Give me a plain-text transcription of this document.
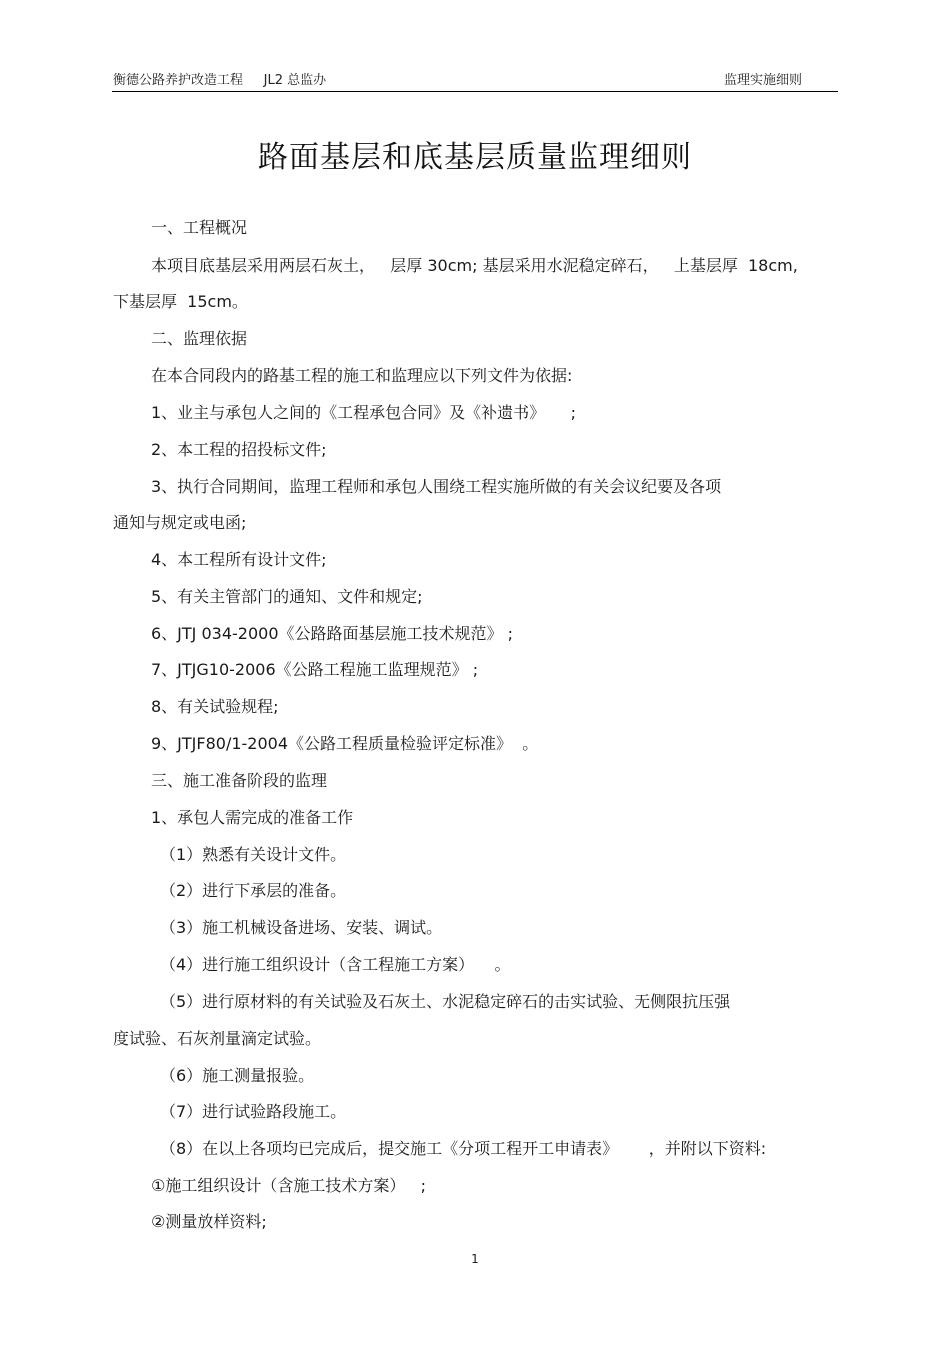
衡德公路养护改造工程     JL2 总监办	监理实施细则
路面基层和底基层质量监理细则
一、工程概况
本项目底基层采用两层石灰土，   层厚 30cm; 基层采用水泥稳定碎石，   上基层厚  18cm,
下基层厚  15cm。
二、监理依据
在本合同段内的路基工程的施工和监理应以下列文件为依据:
1、业主与承包人之间的《工程承包合同》及《补遗书》     ;
2、本工程的招投标文件;
3、执行合同期间，监理工程师和承包人围绕工程实施所做的有关会议纪要及各项
通知与规定或电函;
4、本工程所有设计文件;
5、有关主管部门的通知、文件和规定;
6、JTJ 034-2000《公路路面基层施工技术规范》 ;
7、JTJG10-2006《公路工程施工监理规范》 ;
8、有关试验规程;
9、JTJF80/1-2004《公路工程质量检验评定标准》  。
三、施工准备阶段的监理
1、承包人需完成的准备工作
（1）熟悉有关设计文件。
（2）进行下承层的准备。
（3）施工机械设备进场、安装、调试。
（4）进行施工组织设计（含工程施工方案）    。
（5）进行原材料的有关试验及石灰土、水泥稳定碎石的击实试验、无侧限抗压强
度试验、石灰剂量滴定试验。
（6）施工测量报验。
（7）进行试验路段施工。
（8）在以上各项均已完成后，提交施工《分项工程开工申请表》      ，并附以下资料:
①施工组织设计（含施工技术方案）   ;
②测量放样资料;
1
